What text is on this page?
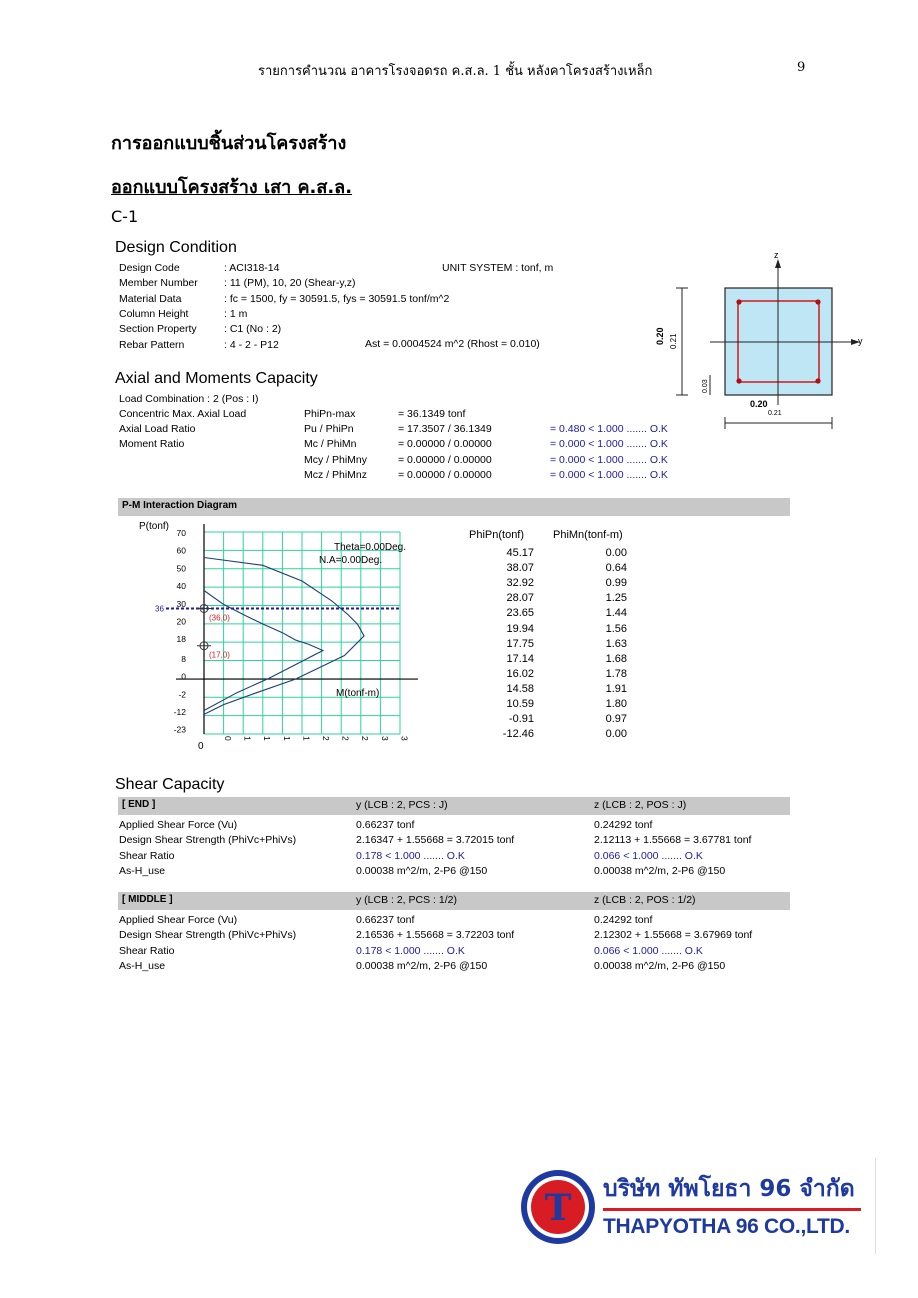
รายการคำนวณ อาคารโรงจอดรถ ค.ส.ล. 1 ชั้น หลังคาโครงสร้างเหล็ก	9
การออกแบบชิ้นส่วนโครงสร้าง
ออกแบบโครงสร้าง เสา ค.ส.ล.
C-1
Design Condition
Design Code	: ACI318-14
Member Number : 11 (PM), 10, 20 (Shear-y,z)
Material Data	: fc = 1500, fy = 30591.5, fys = 30591.5 tonf/m^2
Column Height	: 1 m
Section Property	: C1 (No : 2)
Rebar Pattern	: 4 - 2 - P12
UNIT SYSTEM : tonf, m
Ast = 0.0004524 m^2 (Rhost = 0.010)
z
y
0.20 0.21
0.03
0.20
0.21
Axial and Moments Capacity
Load Combination : 2 (Pos : I)
Concentric Max. Axial Load	PhiPn-max	= 36.1349 tonf
Axial Load Ratio	Pu / PhiPn	= 17.3507 / 36.1349	= 0.480 < 1.000 ....... O.K
Moment Ratio	Mc / PhiMn	= 0.00000 / 0.00000	= 0.000 < 1.000 ....... O.K
Mcy / PhiMny	= 0.00000 / 0.00000	= 0.000 < 1.000 ....... O.K
Mcz / PhiMnz	= 0.00000 / 0.00000	= 0.000 < 1.000 ....... O.K
P-M Interaction Diagram
(36,0)
(17,0)
36
70
60
50
40
30
20
18
8
0
-2
-12
-23
0 1 1 1 1 2 2 2 3 3
P(tonf)
M(tonf-m)
Theta=0.00Deg.
N.A=0.00Deg.
0
PhiPn(tonf)	PhiMn(tonf-m)
45.17	0.00
38.07	0.64
32.92	0.99
28.07	1.25
23.65	1.44
19.94	1.56
17.75	1.63
17.14	1.68
16.02	1.78
14.58	1.91
10.59	1.80
-0.91	0.97
-12.46	0.00
Shear Capacity
[ END ]	y (LCB : 2, PCS : J)	z (LCB : 2, POS : J)
Applied Shear Force (Vu)	0.66237 tonf	0.24292 tonf
Design Shear Strength (PhiVc+PhiVs)	2.16347 + 1.55668 = 3.72015 tonf	2.12113 + 1.55668 = 3.67781 tonf
Shear Ratio	0.178 < 1.000 ....... O.K	0.066 < 1.000 ....... O.K
As-H_use	0.00038 m^2/m, 2-P6 @150	0.00038 m^2/m, 2-P6 @150
[ MIDDLE ]	y (LCB : 2, PCS : 1/2)	z (LCB : 2, POS : 1/2)
Applied Shear Force (Vu)	0.66237 tonf	0.24292 tonf
Design Shear Strength (PhiVc+PhiVs)	2.16536 + 1.55668 = 3.72203 tonf	2.12302 + 1.55668 = 3.67969 tonf
Shear Ratio	0.178 < 1.000 ....... O.K	0.066 < 1.000 ....... O.K
As-H_use	0.00038 m^2/m, 2-P6 @150	0.00038 m^2/m, 2-P6 @150
T บริษัท ทัพโยธา 96 จำกัด
THAPYOTHA 96 CO.,LTD.
